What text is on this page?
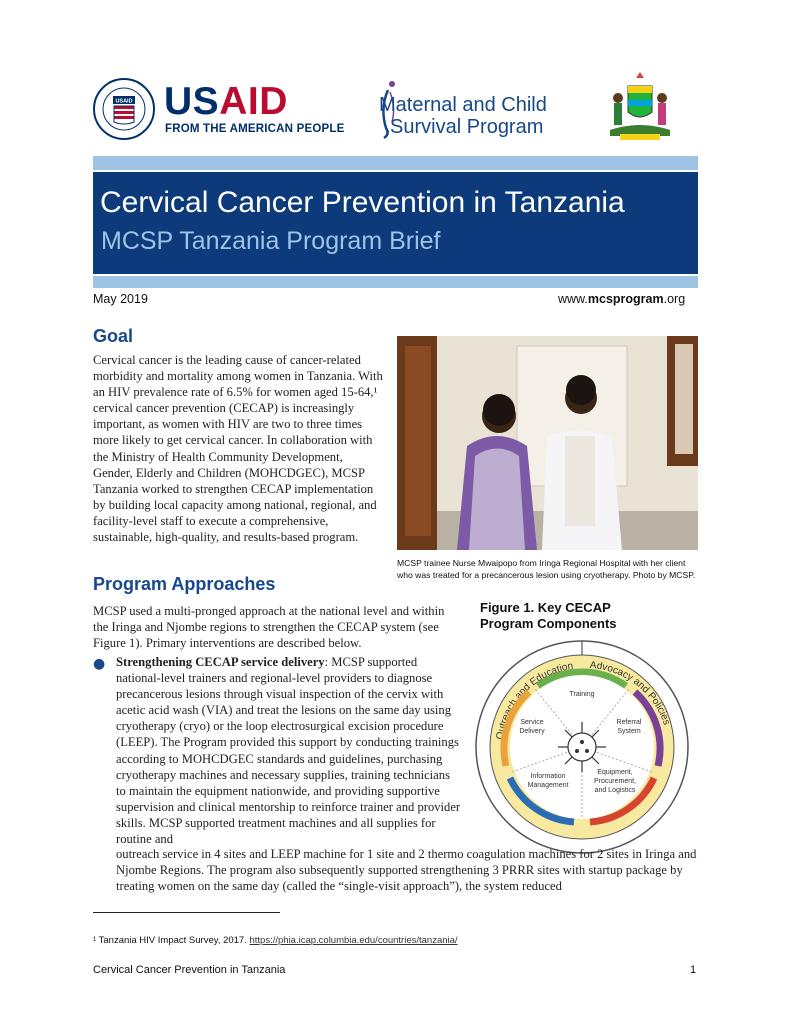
USAID USAID
FROM THE AMERICAN PEOPLE
Maternal and Child
Survival Program
Cervical Cancer Prevention in Tanzania
MCSP Tanzania Program Brief
May 2019	www.mcsprogram.org
Goal
Cervical cancer is the leading cause of cancer-related morbidity and mortality among women in Tanzania. With an HIV prevalence rate of 6.5% for women aged 15-64,¹ cervical cancer prevention (CECAP) is increasingly important, as women with HIV are two to three times more likely to get cervical cancer. In collaboration with the Ministry of Health Community Development, Gender, Elderly and Children (MOHCDGEC), MCSP Tanzania worked to strengthen CECAP implementation by building local capacity among national, regional, and facility-level staff to execute a comprehensive, sustainable, high-quality, and results-based program.
MCSP trainee Nurse Mwaipopo from Iringa Regional Hospital with her client who was treated for a precancerous lesion using cryotherapy. Photo by MCSP.
Program Approaches
MCSP used a multi-pronged approach at the national level and within the Iringa and Njombe regions to strengthen the CECAP system (see Figure 1). Primary interventions are described below.
Figure 1. Key CECAP Program Components
Outreach and Education Advocacy and Policies
Training
Service
Delivery
Referral
System
Information
Management
Equipment,
Procurement,
and Logistics
● Strengthening CECAP service delivery: MCSP supported national-level trainers and regional-level providers to diagnose precancerous lesions through visual inspection of the cervix with acetic acid wash (VIA) and treat the lesions on the same day using cryotherapy (cryo) or the loop electrosurgical excision procedure (LEEP). The Program provided this support by conducting trainings according to MOHCDGEC standards and guidelines, purchasing cryotherapy machines and necessary supplies, training technicians to maintain the equipment nationwide, and providing supportive supervision and clinical mentorship to reinforce trainer and provider skills. MCSP supported treatment machines and all supplies for routine and
outreach service in 4 sites and LEEP machine for 1 site and 2 thermo coagulation machines for 2 sites in Iringa and Njombe Regions. The program also subsequently supported strengthening 3 PRRR sites with startup package by treating women on the same day (called the “single-visit approach”), the system reduced
¹ Tanzania HIV Impact Survey, 2017. https://phia.icap.columbia.edu/countries/tanzania/
Cervical Cancer Prevention in Tanzania	1
